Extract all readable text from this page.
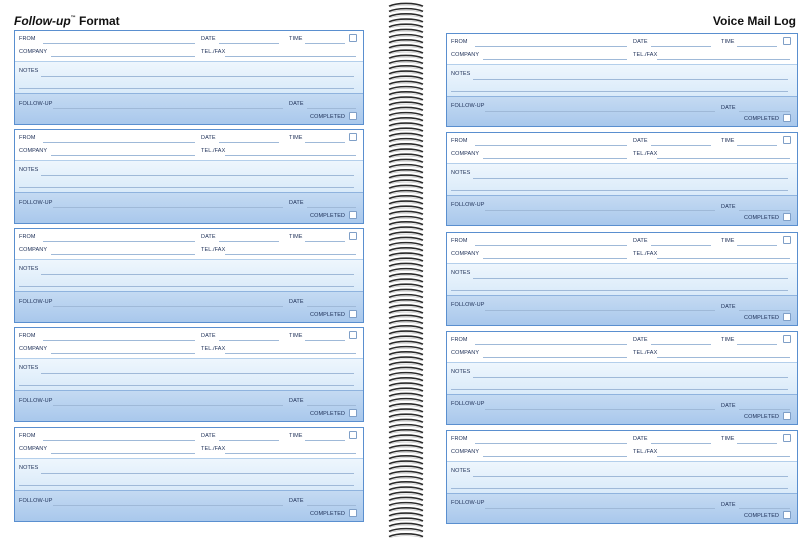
Follow-up™ Format
FROM	DATE	TIME
COMPANY	TEL./FAX
NOTES
FOLLOW-UP	DATE
COMPLETED
FROM	DATE	TIME
COMPANY	TEL./FAX
NOTES
FOLLOW-UP	DATE
COMPLETED
FROM	DATE	TIME
COMPANY	TEL./FAX
NOTES
FOLLOW-UP	DATE
COMPLETED
FROM	DATE	TIME
COMPANY	TEL./FAX
NOTES
FOLLOW-UP	DATE
COMPLETED
FROM	DATE	TIME
COMPANY	TEL./FAX
NOTES
FOLLOW-UP	DATE
COMPLETED
Voice Mail Log
FROM	DATE	TIME
COMPANY	TEL./FAX
NOTES
FOLLOW-UP	DATE
COMPLETED
FROM	DATE	TIME
COMPANY	TEL./FAX
NOTES
FOLLOW-UP	DATE
COMPLETED
FROM	DATE	TIME
COMPANY	TEL./FAX
NOTES
FOLLOW-UP	DATE
COMPLETED
FROM	DATE	TIME
COMPANY	TEL./FAX
NOTES
FOLLOW-UP	DATE
COMPLETED
FROM	DATE	TIME
COMPANY	TEL./FAX
NOTES
FOLLOW-UP	DATE
COMPLETED
